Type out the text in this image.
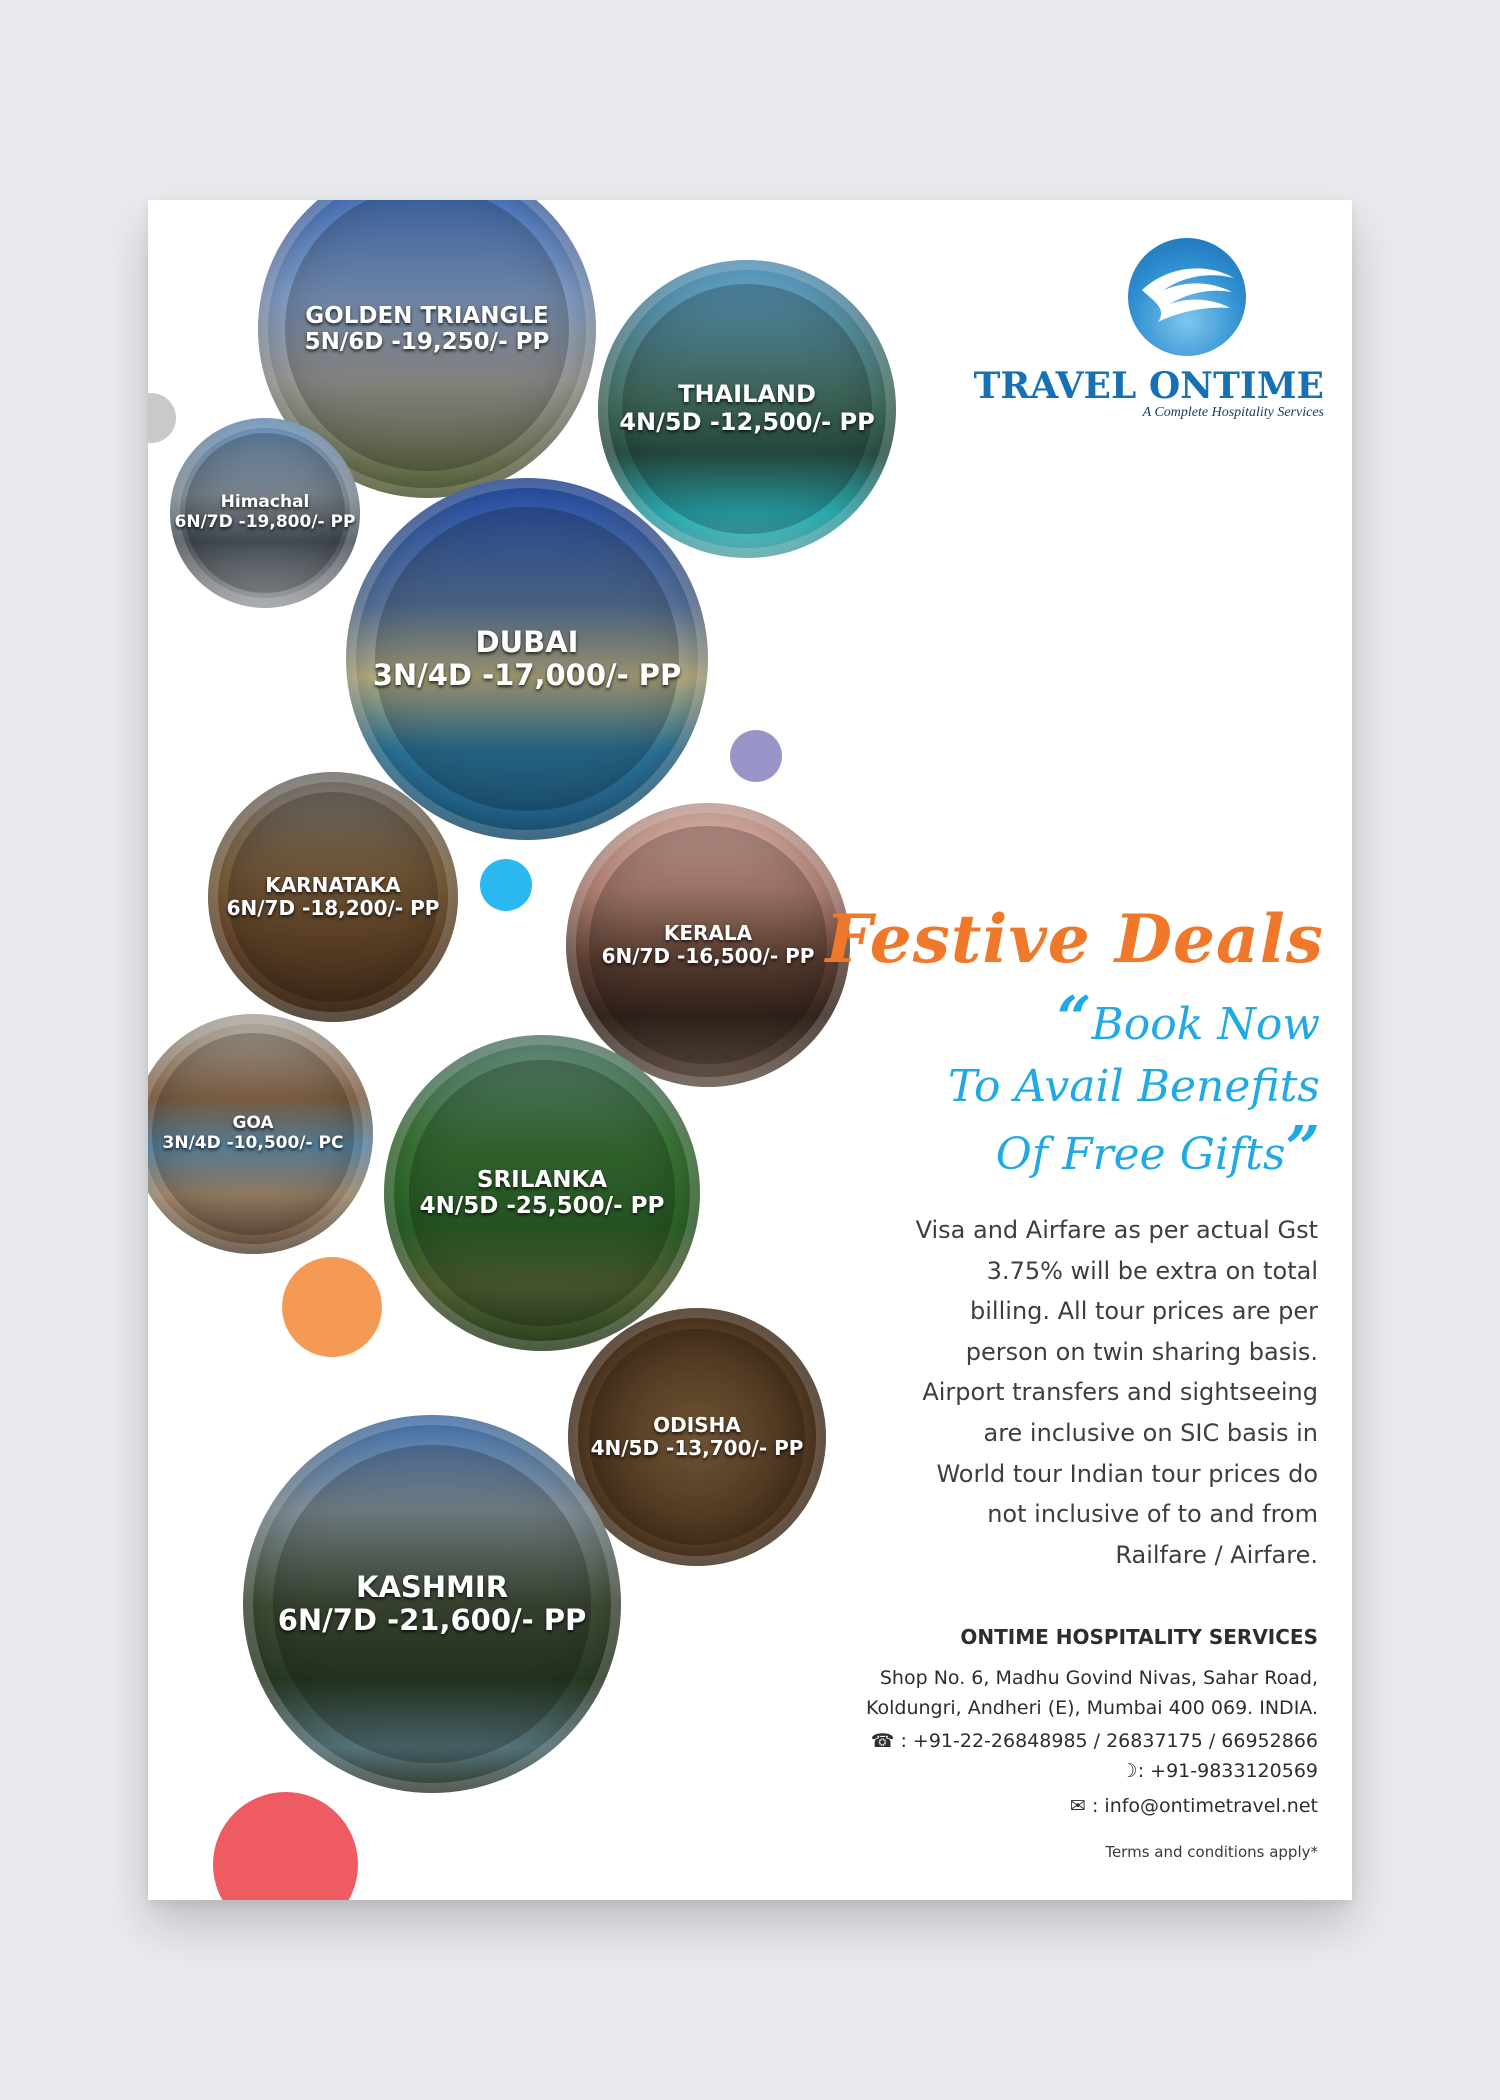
GOLDEN TRIANGLE
5N/6D -19,250/- PP
THAILAND
4N/5D -12,500/- PP
Himachal
6N/7D -19,800/- PP
DUBAI
3N/4D -17,000/- PP
KARNATAKA
6N/7D -18,200/- PP
KERALA
6N/7D -16,500/- PP
GOA
3N/4D -10,500/- PC
SRILANKA
4N/5D -25,500/- PP
ODISHA
4N/5D -13,700/- PP
KASHMIR
6N/7D -21,600/- PP
TRAVEL ONTIME
A Complete Hospitality Services
Festive Deals
“Book Now
To Avail Benefits
Of Free Gifts”
Visa and Airfare as per actual Gst
3.75% will be extra on total
billing. All tour prices are per
person on twin sharing basis.
Airport transfers and sightseeing
are inclusive on SIC basis in
World tour Indian tour prices do
not inclusive of to and from
Railfare / Airfare.
ONTIME HOSPITALITY SERVICES
Shop No. 6, Madhu Govind Nivas, Sahar Road,
Koldungri, Andheri (E), Mumbai 400 069. INDIA.
☎ : +91-22-26848985 / 26837175 / 66952866
☽: +91-9833120569
✉ : info@ontimetravel.net
Terms and conditions apply*
